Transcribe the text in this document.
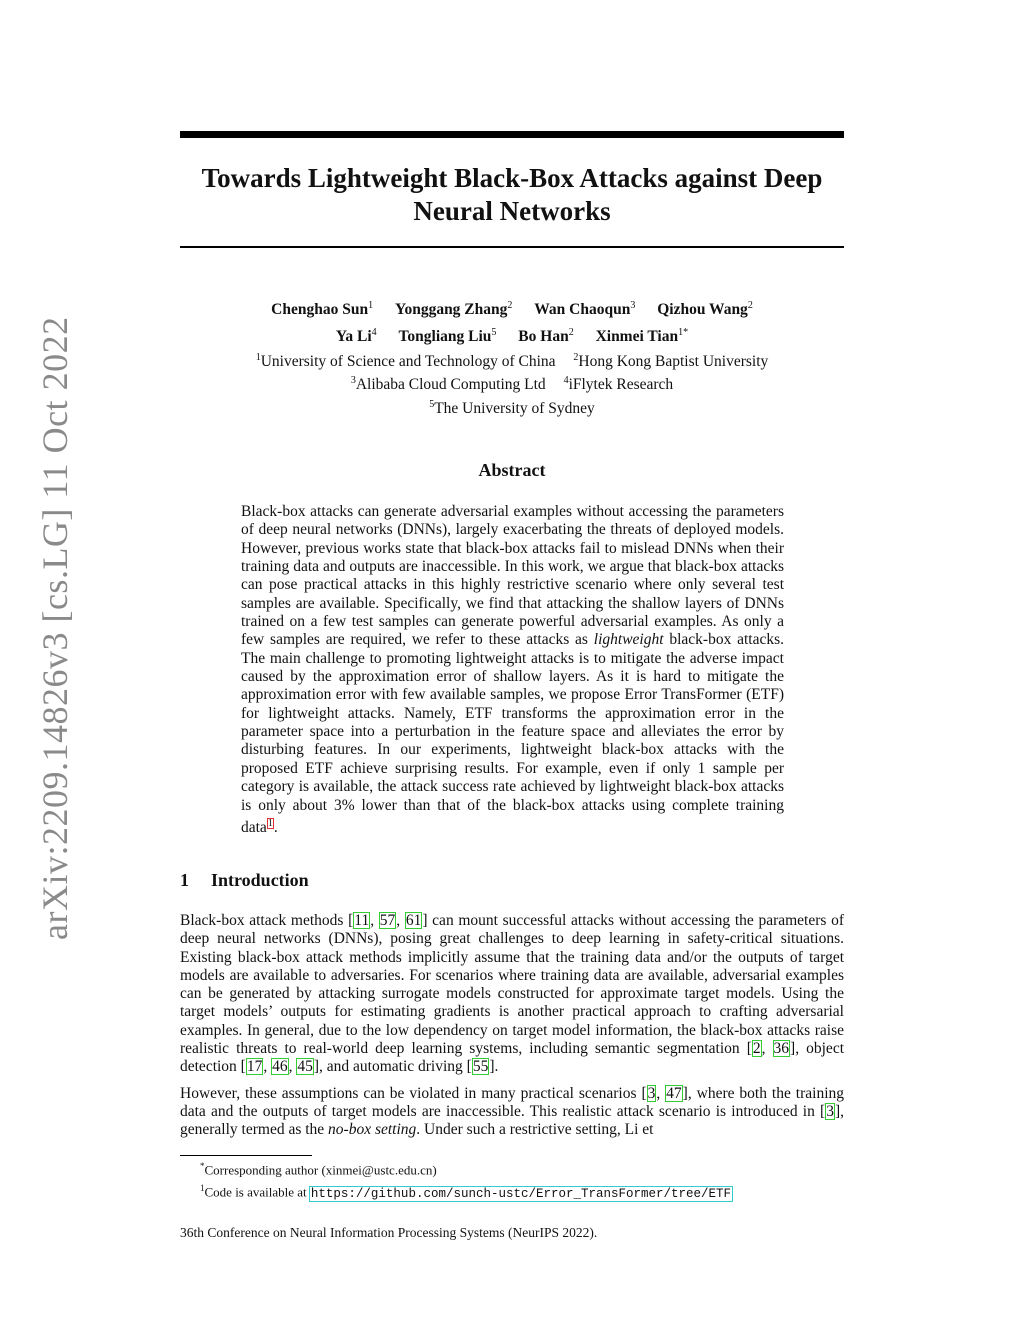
arXiv:2209.14826v3 [cs.LG] 11 Oct 2022
Towards Lightweight Black-Box Attacks against Deep Neural Networks
Chenghao Sun$^1$ Yonggang Zhang$^2$ Wan Chaoqun$^3$ Qizhou Wang$^2$
Ya Li$^4$ Tongliang Liu$^5$ Bo Han$^2$ Xinmei Tian$^{1*}$
$^1$University of Science and Technology of China $^2$Hong Kong Baptist University
$^3$Alibaba Cloud Computing Ltd $^4$iFlytek Research
$^5$The University of Sydney
Abstract
Black-box attacks can generate adversarial examples without accessing the parameters of deep neural networks (DNNs), largely exacerbating the threats of deployed models. However, previous works state that black-box attacks fail to mislead DNNs when their training data and outputs are inaccessible. In this work, we argue that black-box attacks can pose practical attacks in this highly restrictive scenario where only several test samples are available. Specifically, we find that attacking the shallow layers of DNNs trained on a few test samples can generate powerful adversarial examples. As only a few samples are required, we refer to these attacks as lightweight black-box attacks. The main challenge to promoting lightweight attacks is to mitigate the adverse impact caused by the approximation error of shallow layers. As it is hard to mitigate the approximation error with few available samples, we propose Error TransFormer (ETF) for lightweight attacks. Namely, ETF transforms the approximation error in the parameter space into a perturbation in the feature space and alleviates the error by disturbing features. In our experiments, lightweight black-box attacks with the proposed ETF achieve surprising results. For example, even if only 1 sample per category is available, the attack success rate achieved by lightweight black-box attacks is only about 3% lower than that of the black-box attacks using complete training data$^1$.
1 Introduction

Black-box attack methods [11, 57, 61] can mount successful attacks without accessing the parameters of deep neural networks (DNNs), posing great challenges to deep learning in safety-critical situations. Existing black-box attack methods implicitly assume that the training data and/or the outputs of target models are available to adversaries. For scenarios where training data are available, adversarial examples can be generated by attacking surrogate models constructed for approximate target models. Using the target models’ outputs for estimating gradients is another practical approach to crafting adversarial examples. In general, due to the low dependency on target model information, the black-box attacks raise realistic threats to real-world deep learning systems, including semantic segmentation [2, 36], object detection [17, 46, 45], and automatic driving [55].

However, these assumptions can be violated in many practical scenarios [3, 47], where both the training data and the outputs of target models are inaccessible. This realistic attack scenario is introduced in [3], generally termed as the no-box setting. Under such a restrictive setting, Li et

*Corresponding author (xinmei@ustc.edu.cn)
$^1$Code is available at https://github.com/sunch-ustc/Error_TransFormer/tree/ETF
36th Conference on Neural Information Processing Systems (NeurIPS 2022).
